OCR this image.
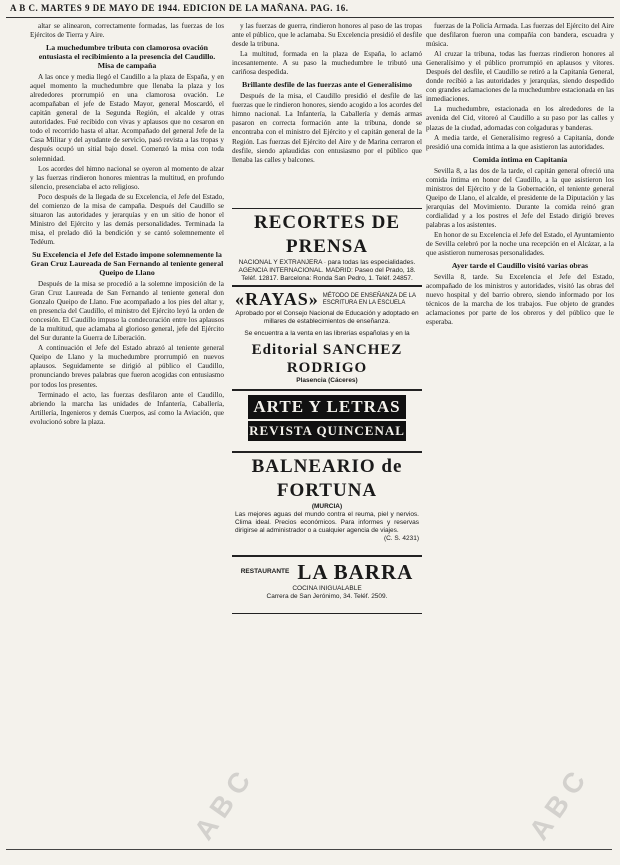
A B C. MARTES 9 DE MAYO DE 1944. EDICION DE LA MAÑANA. PAG. 16.

altar se alinearon, correctamente formadas, las fuerzas de los Ejércitos de Tierra y Aire.

La muchedumbre tributa con clamorosa ovación entusiasta el recibimiento a la presencia del Caudillo. Misa de campaña

A las once y media llegó el Caudillo a la plaza de España, y en aquel momento la muchedumbre que llenaba la plaza y los alrededores prorrumpió en una clamorosa ovación. Le acompañaban el jefe de Estado Mayor, general Moscardó, el capitán general de la Segunda Región, el alcalde y otras autoridades. Fué recibido con vivas y aplausos que no cesaron en todo el recorrido hasta el altar. Acompañado del general Jefe de la Casa Militar y del ayudante de servicio, pasó revista a las tropas y después ocupó un sitial bajo dosel. Comenzó la misa con toda solemnidad.

Los acordes del himno nacional se oyeron al momento de alzar y las fuerzas rindieron honores mientras la multitud, en profundo silencio, presenciaba el acto religioso.

Poco después de la llegada de su Excelencia, el Jefe del Estado, del comienzo de la misa de campaña. Después del Caudillo se situaron las autoridades y jerarquías y en un sitio de honor el Ministro del Ejército y las demás personalidades. Terminada la misa, el prelado dió la bendición y se cantó solemnemente el Tedéum.

Su Excelencia el Jefe del Estado impone solemnemente la Gran Cruz Laureada de San Fernando al teniente general Queipo de Llano

Después de la misa se procedió a la solemne imposición de la Gran Cruz Laureada de San Fernando al teniente general don Gonzalo Queipo de Llano. Fue acompañado a los pies del altar y, en presencia del Caudillo, el ministro del Ejército leyó la orden de concesión. El Caudillo impuso la condecoración entre los aplausos de la multitud, que aclamaba al glorioso general, jefe del Ejército del Sur durante la Guerra de Liberación.

A continuación el Jefe del Estado abrazó al teniente general Queipo de Llano y la muchedumbre prorrumpió en nuevos aplausos. Seguidamente se dirigió al público el Caudillo, pronunciando breves palabras que fueron acogidas con entusiasmo por todos los presentes.

Terminado el acto, las fuerzas desfilaron ante el Caudillo, abriendo la marcha las unidades de Infantería, Caballería, Artillería, Ingenieros y demás Cuerpos, así como la Aviación, que evolucionó sobre la plaza.

y las fuerzas de guerra, rindieron honores al paso de las tropas ante el público, que le aclamaba. Su Excelencia presidió el desfile desde la tribuna.

La multitud, formada en la plaza de España, lo aclamó incesantemente. A su paso la muchedumbre le tributó una cariñosa despedida.

Brillante desfile de las fuerzas ante el Generalísimo

Después de la misa, el Caudillo presidió el desfile de las fuerzas que le rindieron honores, siendo acogido a los acordes del himno nacional. La Infantería, la Caballería y demás armas pasaron en correcta formación ante la tribuna, donde se encontraba con el ministro del Ejército y el capitán general de la Región. Las fuerzas del Ejército del Aire y de Marina cerraron el desfile, siendo aplaudidas con entusiasmo por el público que llenaba las calles y balcones.

RECORTES DE PRENSA
NACIONAL Y EXTRANJERA · para todas las especialidades. AGENCIA INTERNACIONAL. MADRID: Paseo del Prado, 18. Teléf. 12817. Barcelona: Ronda San Pedro, 1. Teléf. 24857.
«RAYAS» MÉTODO DE ENSEÑANZA DE LA ESCRITURA EN LA ESCUELA
Aprobado por el Consejo Nacional de Educación y adoptado en millares de establecimientos de enseñanza.
Se encuentra a la venta en las librerías españolas y en la
Editorial SANCHEZ RODRIGO
Plasencia (Cáceres)
ARTE Y LETRAS
REVISTA QUINCENAL
BALNEARIO de FORTUNA
(MURCIA)
Las mejores aguas del mundo contra el reuma, piel y nervios. Clima ideal. Precios económicos. Para informes y reservas dirigirse al administrador o a cualquier agencia de viajes.
(C. S. 4231)
RESTAURANTE LA BARRA
COCINA INIGUALABLE
Carrera de San Jerónimo, 34. Teléf. 2509.

fuerzas de la Policía Armada. Las fuerzas del Ejército del Aire que desfilaron fueron una compañía con bandera, escuadra y música.

Al cruzar la tribuna, todas las fuerzas rindieron honores al Generalísimo y el público prorrumpió en aplausos y vítores. Después del desfile, el Caudillo se retiró a la Capitanía General, donde recibió a las autoridades y jerarquías, siendo despedido con grandes aclamaciones de la muchedumbre estacionada en las inmediaciones.

La muchedumbre, estacionada en los alrededores de la avenida del Cid, vitoreó al Caudillo a su paso por las calles y plazas de la ciudad, adornadas con colgaduras y banderas.

A media tarde, el Generalísimo regresó a Capitanía, donde presidió una comida íntima a la que asistieron las autoridades.

Comida íntima en Capitanía

Sevilla 8, a las dos de la tarde, el capitán general ofreció una comida íntima en honor del Caudillo, a la que asistieron los ministros del Ejército y de la Gobernación, el teniente general Queipo de Llano, el alcalde, el presidente de la Diputación y las jerarquías del Movimiento. Durante la comida reinó gran cordialidad y a los postres el Jefe del Estado dirigió breves palabras a los asistentes.

En honor de su Excelencia el Jefe del Estado, el Ayuntamiento de Sevilla celebró por la noche una recepción en el Alcázar, a la que asistieron numerosas personalidades.

Ayer tarde el Caudillo visitó varias obras

Sevilla 8, tarde. Su Excelencia el Jefe del Estado, acompañado de los ministros y autoridades, visitó las obras del nuevo hospital y del barrio obrero, siendo informado por los técnicos de la marcha de los trabajos. Fue objeto de grandes aclamaciones por parte de los obreros y del público que le esperaba.

A B C	A B C
